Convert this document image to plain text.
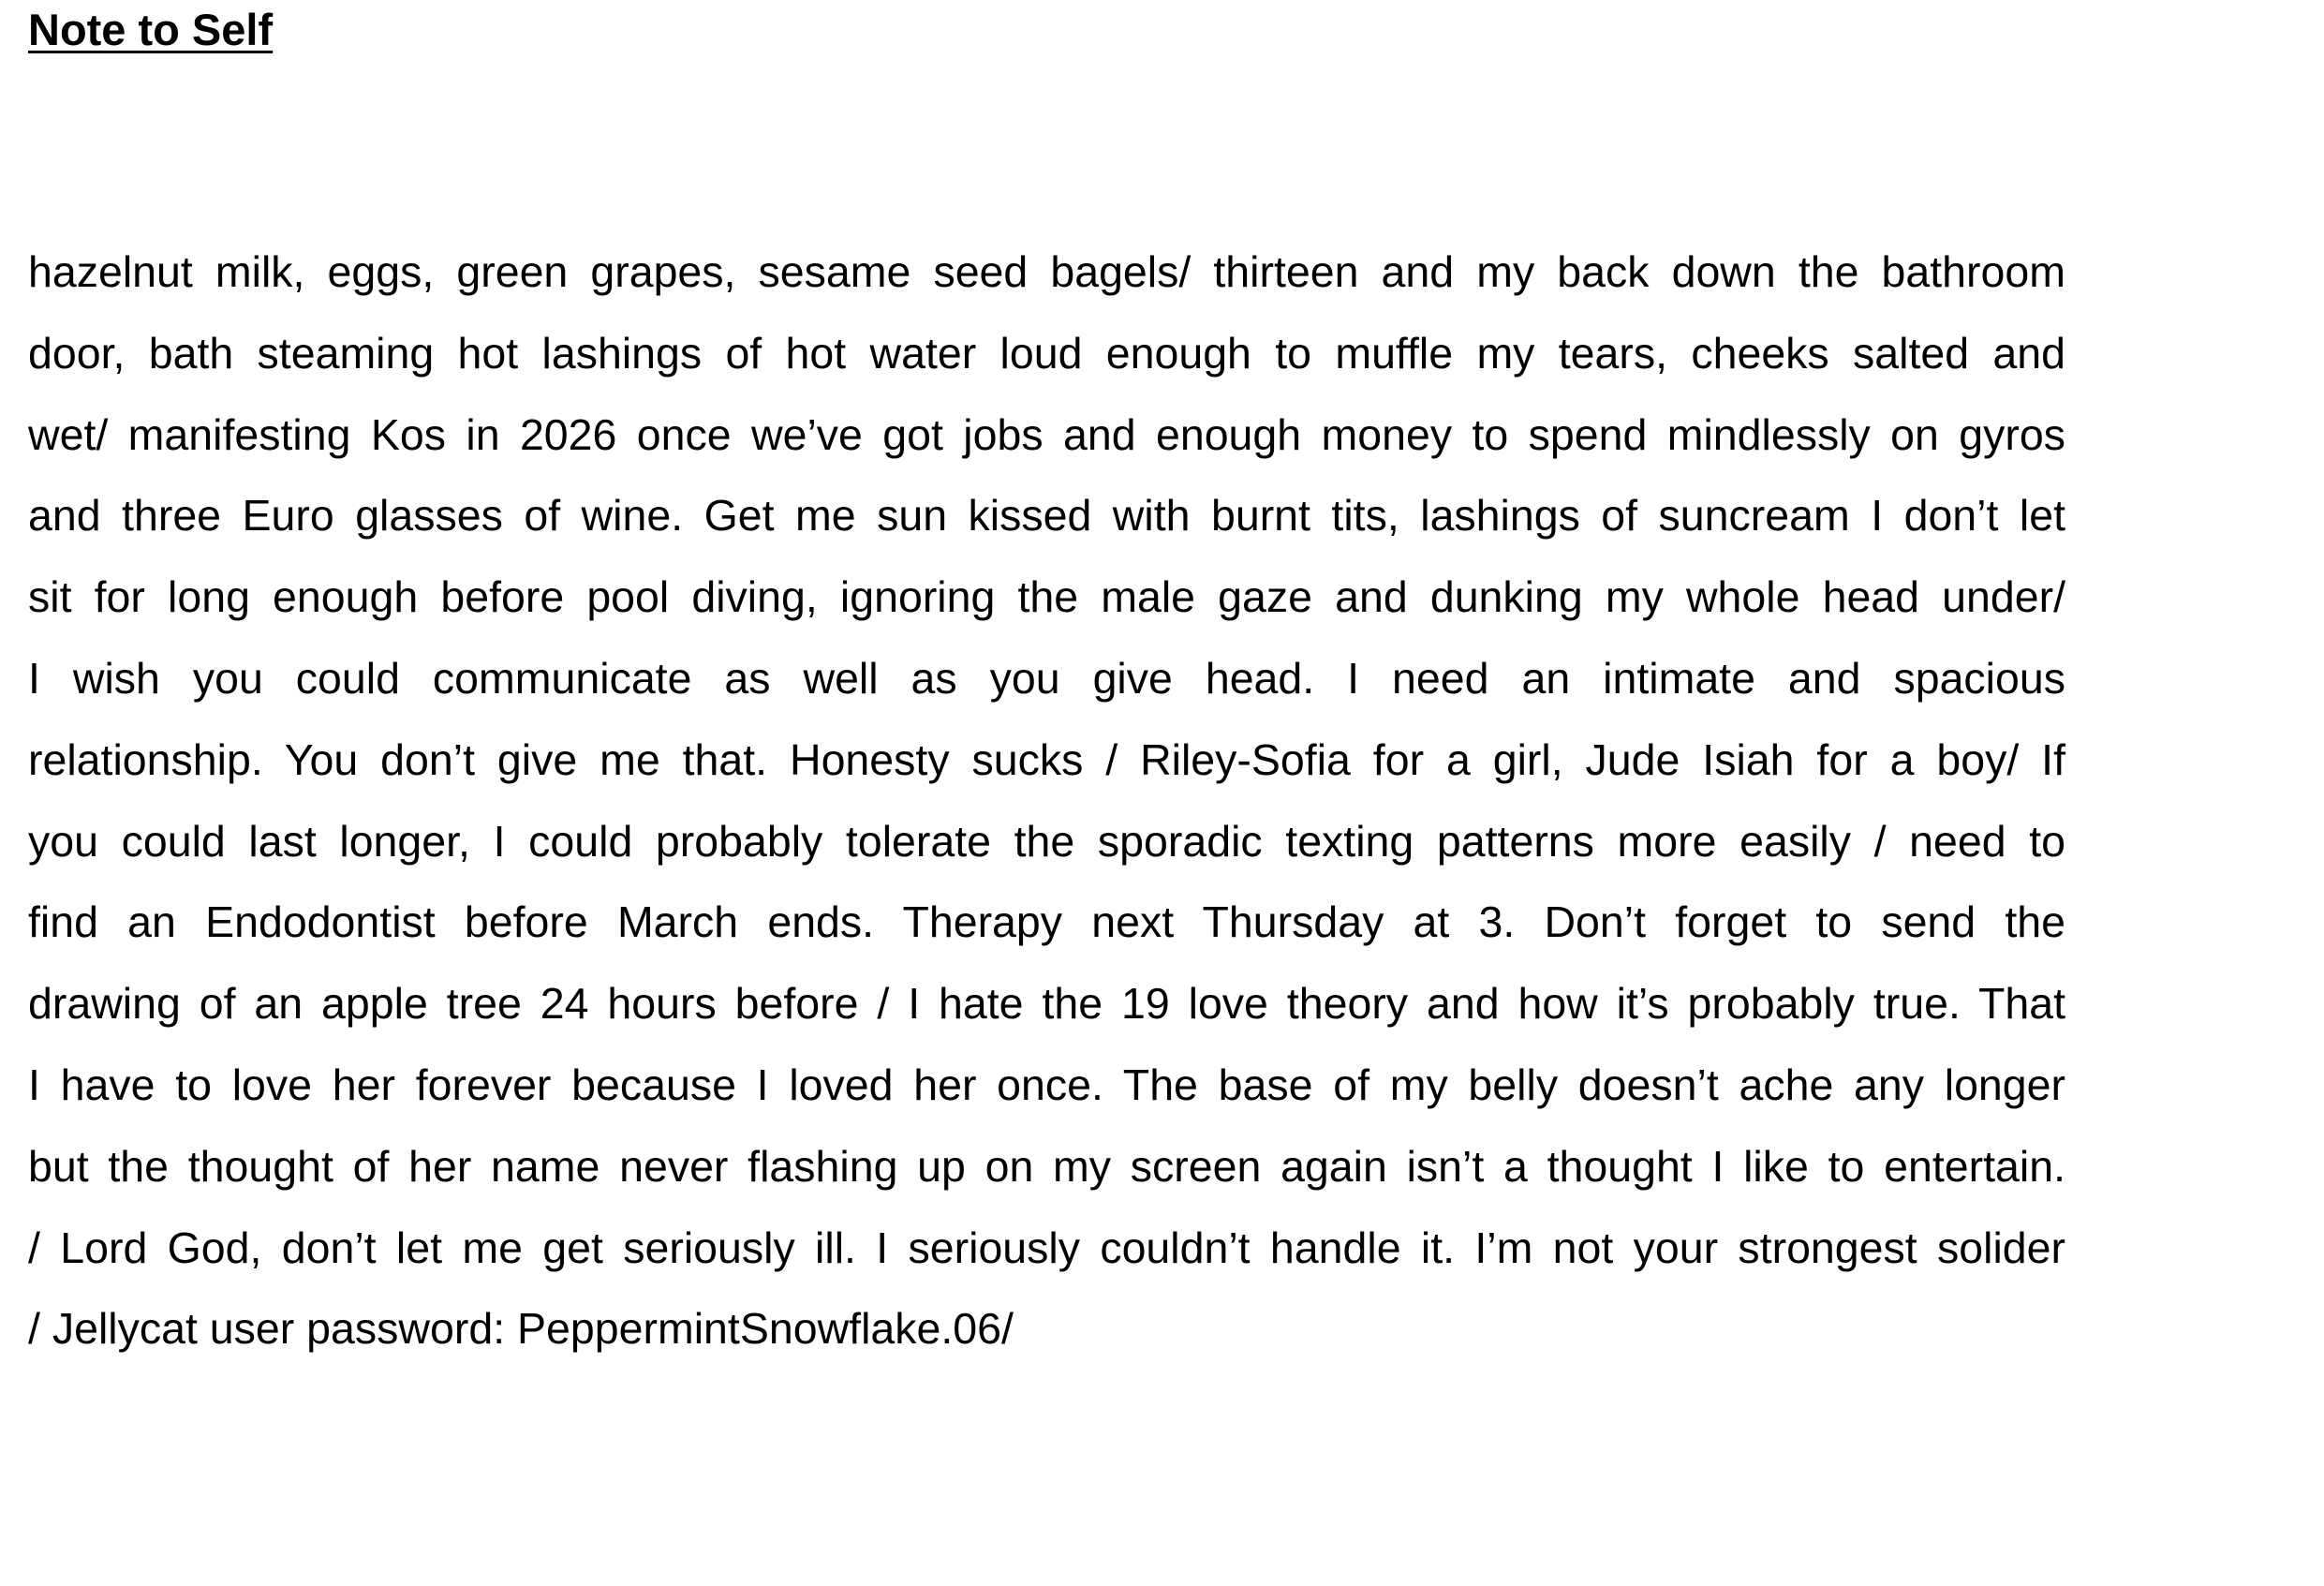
Note to Self
hazelnut milk, eggs, green grapes, sesame seed bagels/ thirteen and my back down the bathroom
door, bath steaming hot lashings of hot water loud enough to muffle my tears, cheeks salted and
wet/ manifesting Kos in 2026 once we’ve got jobs and enough money to spend mindlessly on gyros
and three Euro glasses of wine. Get me sun kissed with burnt tits, lashings of suncream I don’t let
sit for long enough before pool diving, ignoring the male gaze and dunking my whole head under/
I wish you could communicate as well as you give head. I need an intimate and spacious
relationship. You don’t give me that. Honesty sucks / Riley-Sofia for a girl, Jude Isiah for a boy/ If
you could last longer, I could probably tolerate the sporadic texting patterns more easily / need to
find an Endodontist before March ends. Therapy next Thursday at 3. Don’t forget to send the
drawing of an apple tree 24 hours before / I hate the 19 love theory and how it’s probably true. That
I have to love her forever because I loved her once. The base of my belly doesn’t ache any longer
but the thought of her name never flashing up on my screen again isn’t a thought I like to entertain.
/ Lord God, don’t let me get seriously ill. I seriously couldn’t handle it. I’m not your strongest solider
/ Jellycat user password: PeppermintSnowflake.06/
